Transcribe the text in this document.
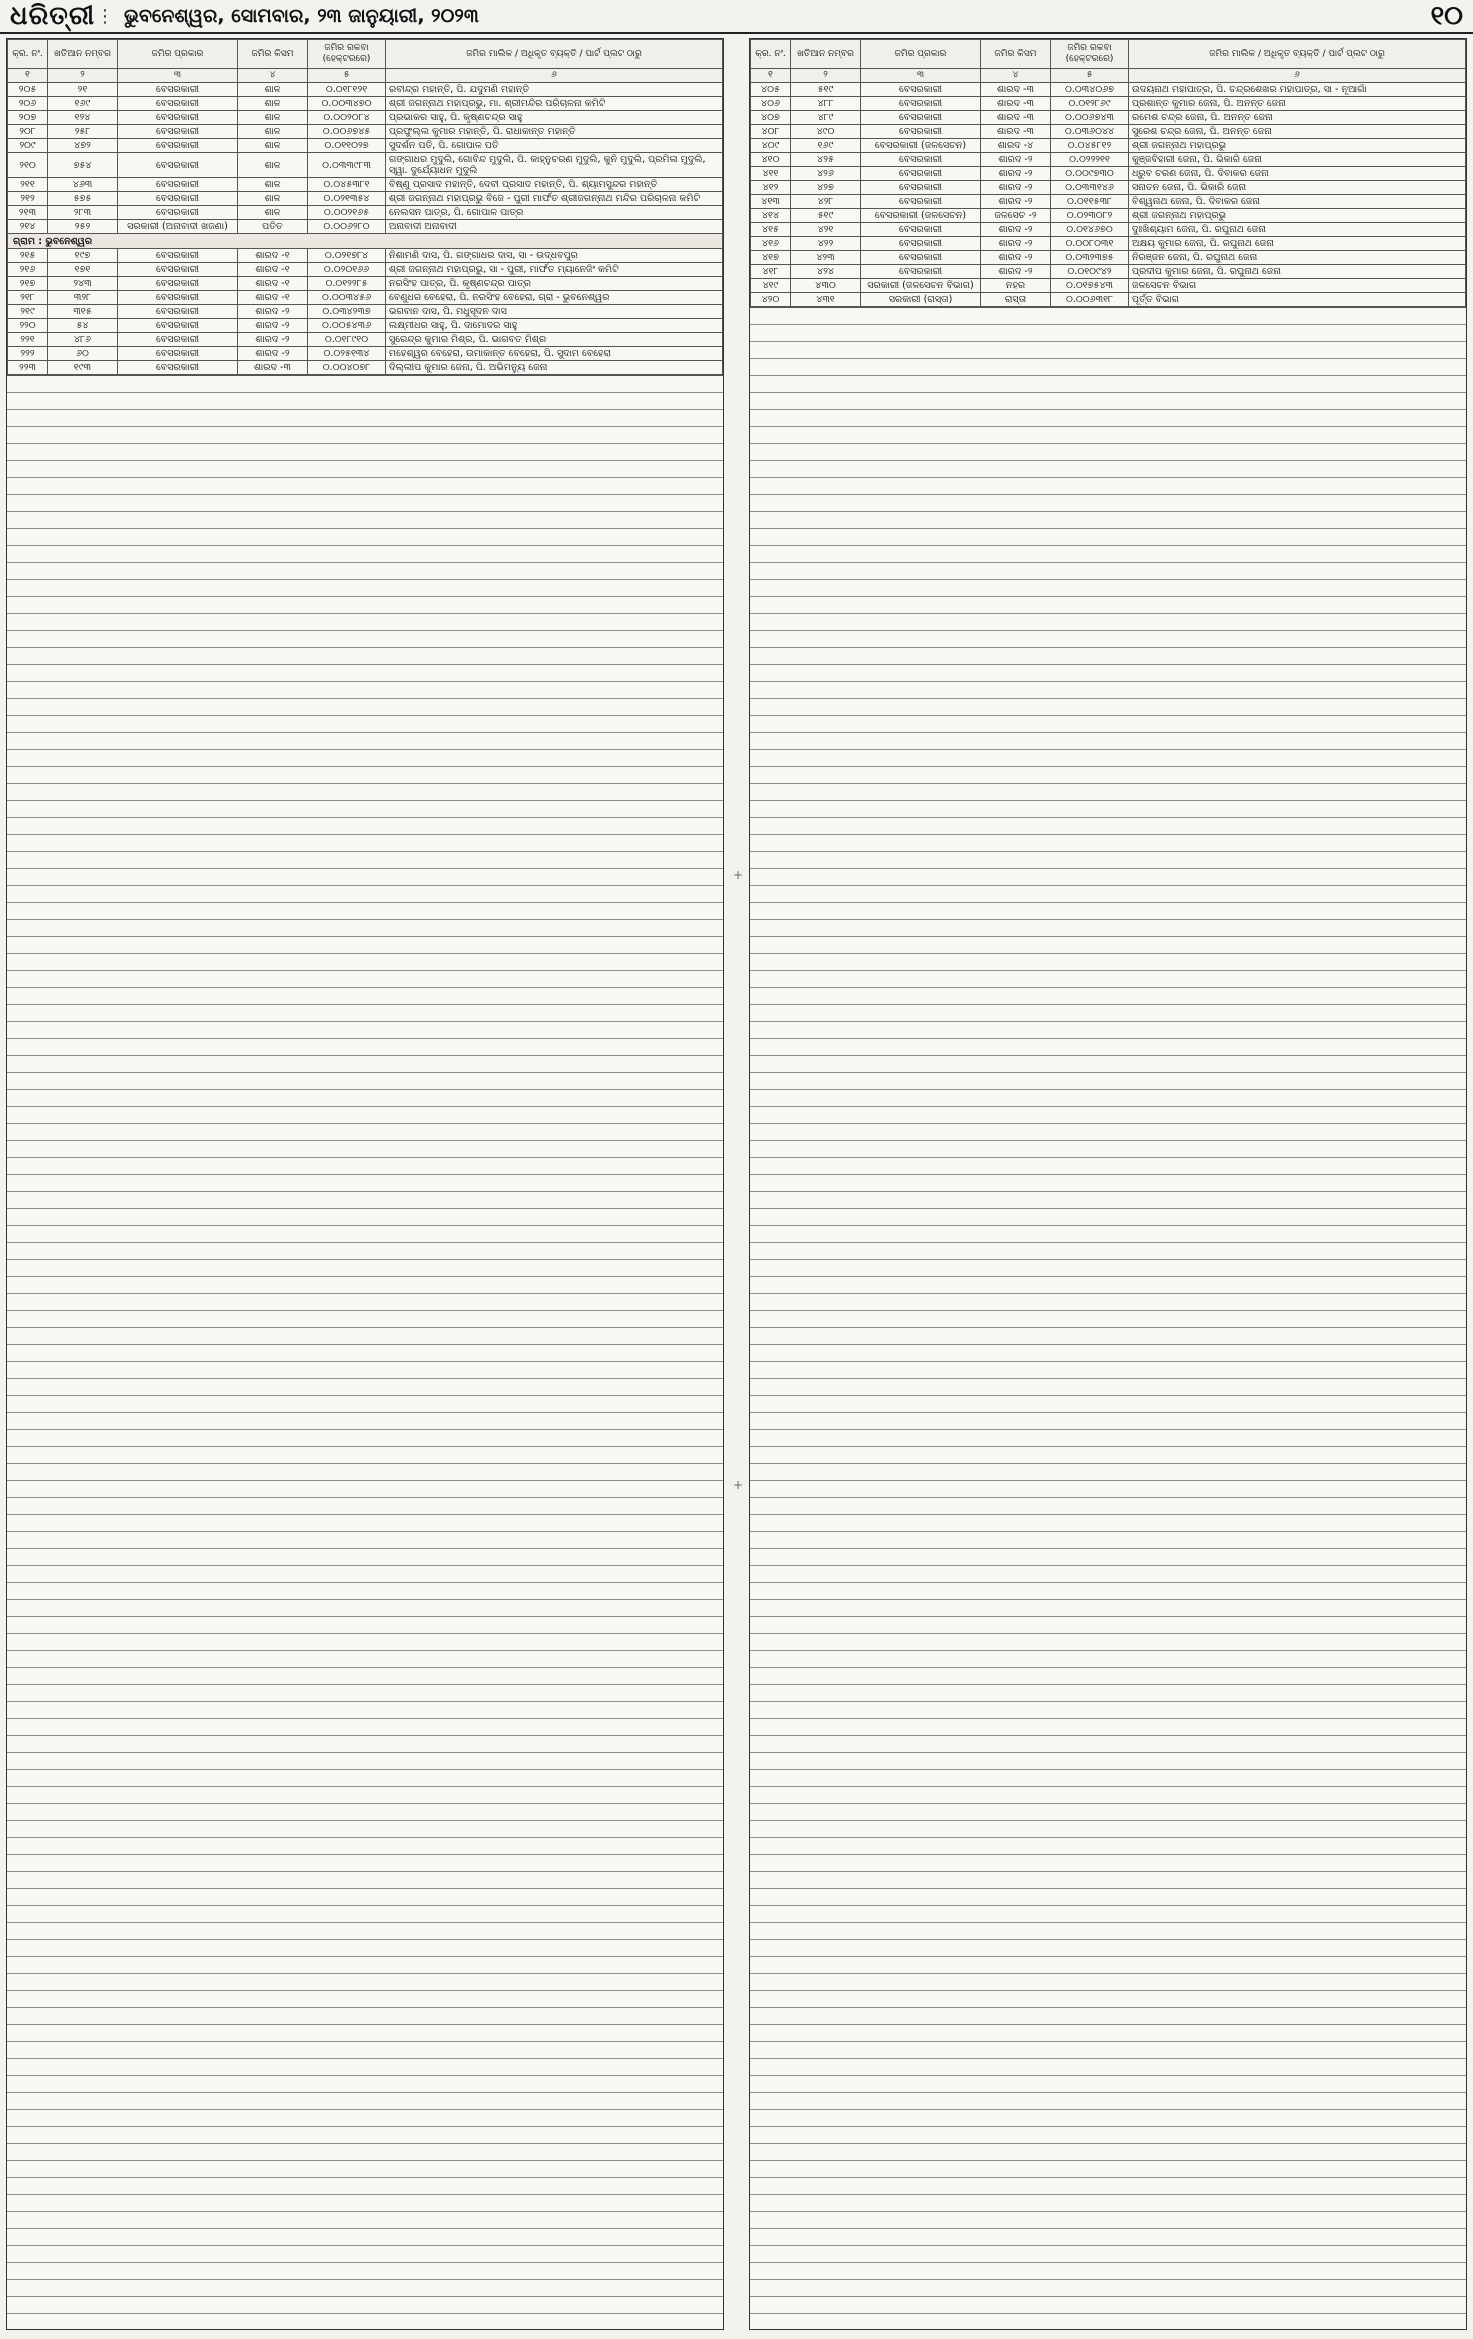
ଧରିତ୍ରୀ ⋮ ଭୁବନେଶ୍ୱର, ସୋମବାର, ୨୩ ଜାନୁୟାରୀ, ୨୦୨୩	୧୦
କ୍ର. ନଂ.	ଖତିଆନ ନମ୍ବର	ଜମିର ପ୍ରକାର	ଜମିର କିସମ	ଜମିର ରକବା (ହେକ୍ଟରରେ)	ଜମିର ମାଲିକ / ଅଧିକୃତ ବ୍ୟକ୍ତି / ପାର୍ଟ ପ୍ଲଟ ଠାରୁ
୧	୨	୩	୪	୫	୬
୨୦୫	୨୧	ବେସରକାରୀ	ଶାଳ	୦.୦୧୮୧୨୧	ରବୀନ୍ଦ୍ର ମହାନ୍ତି, ପି. ଯଦୁମଣି ମହାନ୍ତି
୨୦୬	୧୬୯	ବେସରକାରୀ	ଶାଳ	୦.୦୦୩୪୭୦	ଶ୍ରୀ ଜଗନ୍ନାଥ ମହାପ୍ରଭୁ, ମା. ଶ୍ରୀମନ୍ଦିର ପରିଚାଳନା କମିଟି
୨୦୭	୧୨୪	ବେସରକାରୀ	ଶାଳ	୦.୦୦୨୦୮୪	ପ୍ରଭାକର ସାହୁ, ପି. କୃଷ୍ଣଚନ୍ଦ୍ର ସାହୁ
୨୦୮	୨୫୮	ବେସରକାରୀ	ଶାଳ	୦.୦୦୬୭୪୫	ପ୍ରଫୁଲ୍ଲ କୁମାର ମହାନ୍ତି, ପି. ରାଧାକାନ୍ତ ମହାନ୍ତି
୨୦୯	୪୭୨	ବେସରକାରୀ	ଶାଳ	୦.୦୧୧୦୨୭	ସୁଦର୍ଶନ ପତି, ପି. ଗୋପାଳ ପତି
୨୧୦	୭୫୪	ବେସରକାରୀ	ଶାଳ	୦.୦୩୩୯୮୩	ଗଙ୍ଗାଧର ମୁଦୁଲି, ଗୋବିନ୍ଦ ମୁଦୁଲି, ପି. କାହ୍ନୁଚରଣ ମୁଦୁଲି, କୁନି ମୁଦୁଲି, ପ୍ରମିଳା ମୁଦୁଲି, ସ୍ୱା. ଦୁର୍ଯ୍ୟୋଧନ ମୁଦୁଲି
୨୧୧	୪୬୩	ବେସରକାରୀ	ଶାଳ	୦.୦୪୫୩୮୧	ବିଷ୍ଣୁ ପ୍ରସାଦ ମହାନ୍ତି, ଦେବୀ ପ୍ରସାଦ ମହାନ୍ତି, ପି. ଶ୍ୟାମସୁନ୍ଦର ମହାନ୍ତି
୨୧୨	୫୭୫	ବେସରକାରୀ	ଶାଳ	୦.୦୨୧୩୫୪	ଶ୍ରୀ ଜଗନ୍ନାଥ ମହାପ୍ରଭୁ ବିଜେ - ପୁରୀ ମାର୍ଫତ ଶ୍ରୀଜଗନ୍ନାଥ ମନ୍ଦିର ପରିଚାଳନା କମିଟି
୨୧୩	୨୮୩	ବେସରକାରୀ	ଶାଳ	୦.୦୦୨୧୬୫	ନେଲସନ ପାତ୍ର, ପି. ଗୋପାଳ ପାତ୍ର
୨୧୪	୨୫୨	ସରକାରୀ (ଅନାବାଦୀ ଖଜଣା)	ପତିତ	୦.୦୦୬୨୮୦	ଅନାବାଦୀ ଅନାବାଦୀ
ଗ୍ରାମ : ଭୁବନେଶ୍ୱର					
୨୧୫	୧୯୭	ବେସରକାରୀ	ଶାରଦ -୧	୦.୦୨୧୭୮୪	ନିଶାମଣି ଦାସ, ପି. ଗଙ୍ଗାଧର ଦାସ, ସା - ଉଦ୍ଧବପୁର
୨୧୬	୧୭୧	ବେସରକାରୀ	ଶାରଦ -୧	୦.୦୨୦୧୬୬	ଶ୍ରୀ ଜଗନ୍ନାଥ ମହାପ୍ରଭୁ, ସା - ପୁରୀ, ମାର୍ଫତ ମ୍ୟାନେଜିଂ କମିଟି
୨୧୭	୨୪୩	ବେସରକାରୀ	ଶାରଦ -୧	୦.୦୧୨୨୮୫	ନରସିଂହ ପାତ୍ର, ପି. କୃଷ୍ଣଚନ୍ଦ୍ର ପାତ୍ର
୨୧୮	୩୨୮	ବେସରକାରୀ	ଶାରଦ -୧	୦.୦୦୩୪୫୬	ବେଣୁଧର ବେହେରା, ପି. ନରସିଂହ ବେହେରା, ଗ୍ରା - ଭୁବନେଶ୍ୱର
୨୧୯	୩୧୫	ବେସରକାରୀ	ଶାରଦ -୨	୦.୦୩୪୨୩୭	ଭଗବାନ ଦାସ, ପି. ମଧୁସୂଦନ ଦାସ
୨୨୦	୫୪	ବେସରକାରୀ	ଶାରଦ -୨	୦.୦୦୫୪୩୬	ଲକ୍ଷ୍ମୀଧର ସାହୁ, ପି. ଦାମୋଦର ସାହୁ
୨୨୧	୪୮୬	ବେସରକାରୀ	ଶାରଦ -୨	୦.୦୧୮୯୧୦	ସୁରେନ୍ଦ୍ର କୁମାର ମିଶ୍ର, ପି. ଭାଗବତ ମିଶ୍ର
୨୨୨	୬୦	ବେସରକାରୀ	ଶାରଦ -୨	୦.୦୨୫୧୩୪	ମହେଶ୍ୱର ବେହେରା, ଉମାକାନ୍ତ ବେହେରା, ପି. ସୁଦାମ ବେହେରା
୨୨୩	୧୯୩	ବେସରକାରୀ	ଶାରଦ -୩	୦.୦୦୪୦୭୮	ଦିଲ୍ଲୀପ କୁମାର ଜେନା, ପି. ଅଭିମନ୍ୟୁ ଜେନା
+
+
କ୍ର. ନଂ.	ଖତିଆନ ନମ୍ବର	ଜମିର ପ୍ରକାର	ଜମିର କିସମ	ଜମିର ରକବା (ହେକ୍ଟରରେ)	ଜମିର ମାଲିକ / ଅଧିକୃତ ବ୍ୟକ୍ତି / ପାର୍ଟ ପ୍ଲଟ ଠାରୁ
୧	୨	୩	୪	୫	୬
୪୦୫	୫୧୯	ବେସରକାରୀ	ଶାରଦ -୩	୦.୦୩୪୦୬୭	ଉଦୟନାଥ ମହାପାତ୍ର, ପି. ଚନ୍ଦ୍ରଶେଖର ମହାପାତ୍ର, ସା - ନୂଆଗାଁ
୪୦୬	୪୮୮	ବେସରକାରୀ	ଶାରଦ -୩	୦.୦୧୨୮୬୯	ପ୍ରଶାନ୍ତ କୁମାର ଜେନା, ପି. ଅନନ୍ତ ଜେନା
୪୦୭	୪୮୯	ବେସରକାରୀ	ଶାରଦ -୩	୦.୦୦୬୭୪୩	ରମେଶ ଚନ୍ଦ୍ର ଜେନା, ପି. ଅନନ୍ତ ଜେନା
୪୦୮	୪୯୦	ବେସରକାରୀ	ଶାରଦ -୩	୦.୦୩୬୦୪୪	ସୁରେଶ ଚନ୍ଦ୍ର ଜେନା, ପି. ଅନନ୍ତ ଜେନା
୪୦୯	୧୬୯	ବେସରକାରୀ (ଜଳସେଚନ)	ଶାରଦ -୪	୦.୦୪୫୮୧୨	ଶ୍ରୀ ଜଗନ୍ନାଥ ମହାପ୍ରଭୁ
୪୧୦	୪୨୫	ବେସରକାରୀ	ଶାରଦ -୨	୦.୦୨୨୨୧୧	କୁଞ୍ଜବିହାରୀ ଜେନା, ପି. ଭିକାରି ଜେନା
୪୧୧	୪୨୬	ବେସରକାରୀ	ଶାରଦ -୨	୦.୦୦୯୭୩୦	ଧ୍ରୁବ ଚରଣ ଜେନା, ପି. ଦିବାକର ଜେନା
୪୧୨	୪୨୭	ବେସରକାରୀ	ଶାରଦ -୨	୦.୦୩୩୧୪୬	ସନାତନ ଜେନା, ପି. ଭିକାରି ଜେନା
୪୧୩	୪୨୮	ବେସରକାରୀ	ଶାରଦ -୨	୦.୦୧୧୫୩୮	ବିଶ୍ୱନାଥ ଜେନା, ପି. ଦିବାକର ଜେନା
୪୧୪	୫୧୯	ବେସରକାରୀ (ଜଳସେଚନ)	ଜଳସେଚ -୨	୦.୦୨୩୦୮୨	ଶ୍ରୀ ଜଗନ୍ନାଥ ମହାପ୍ରଭୁ
୪୧୫	୪୨୧	ବେସରକାରୀ	ଶାରଦ -୨	୦.୦୧୪୬୭୦	ଦୁଃଖିଶ୍ୟାମ ଜେନା, ପି. ରଘୁନାଥ ଜେନା
୪୧୬	୪୨୨	ବେସରକାରୀ	ଶାରଦ -୨	୦.୦୦୮୦୩୧	ଅକ୍ଷୟ କୁମାର ଜେନା, ପି. ରଘୁନାଥ ଜେନା
୪୧୭	୪୨୩	ବେସରକାରୀ	ଶାରଦ -୨	୦.୦୩୨୩୭୫	ନିରଞ୍ଜନ ଜେନା, ପି. ରଘୁନାଥ ଜେନା
୪୧୮	୪୨୪	ବେସରକାରୀ	ଶାରଦ -୨	୦.୦୧୦୯୪୨	ପ୍ରଦୀପ କୁମାର ଜେନା, ପି. ରଘୁନାଥ ଜେନା
୪୧୯	୪୩୦	ସରକାରୀ (ଜଳସେଚନ ବିଭାଗ)	ନହର	୦.୦୧୭୫୪୩	ଜଳସେଚନ ବିଭାଗ
୪୨୦	୪୩୧	ସରକାରୀ (ରାସ୍ତା)	ରାସ୍ତା	୦.୦୦୬୩୧୮	ପୂର୍ତ୍ତ ବିଭାଗ
